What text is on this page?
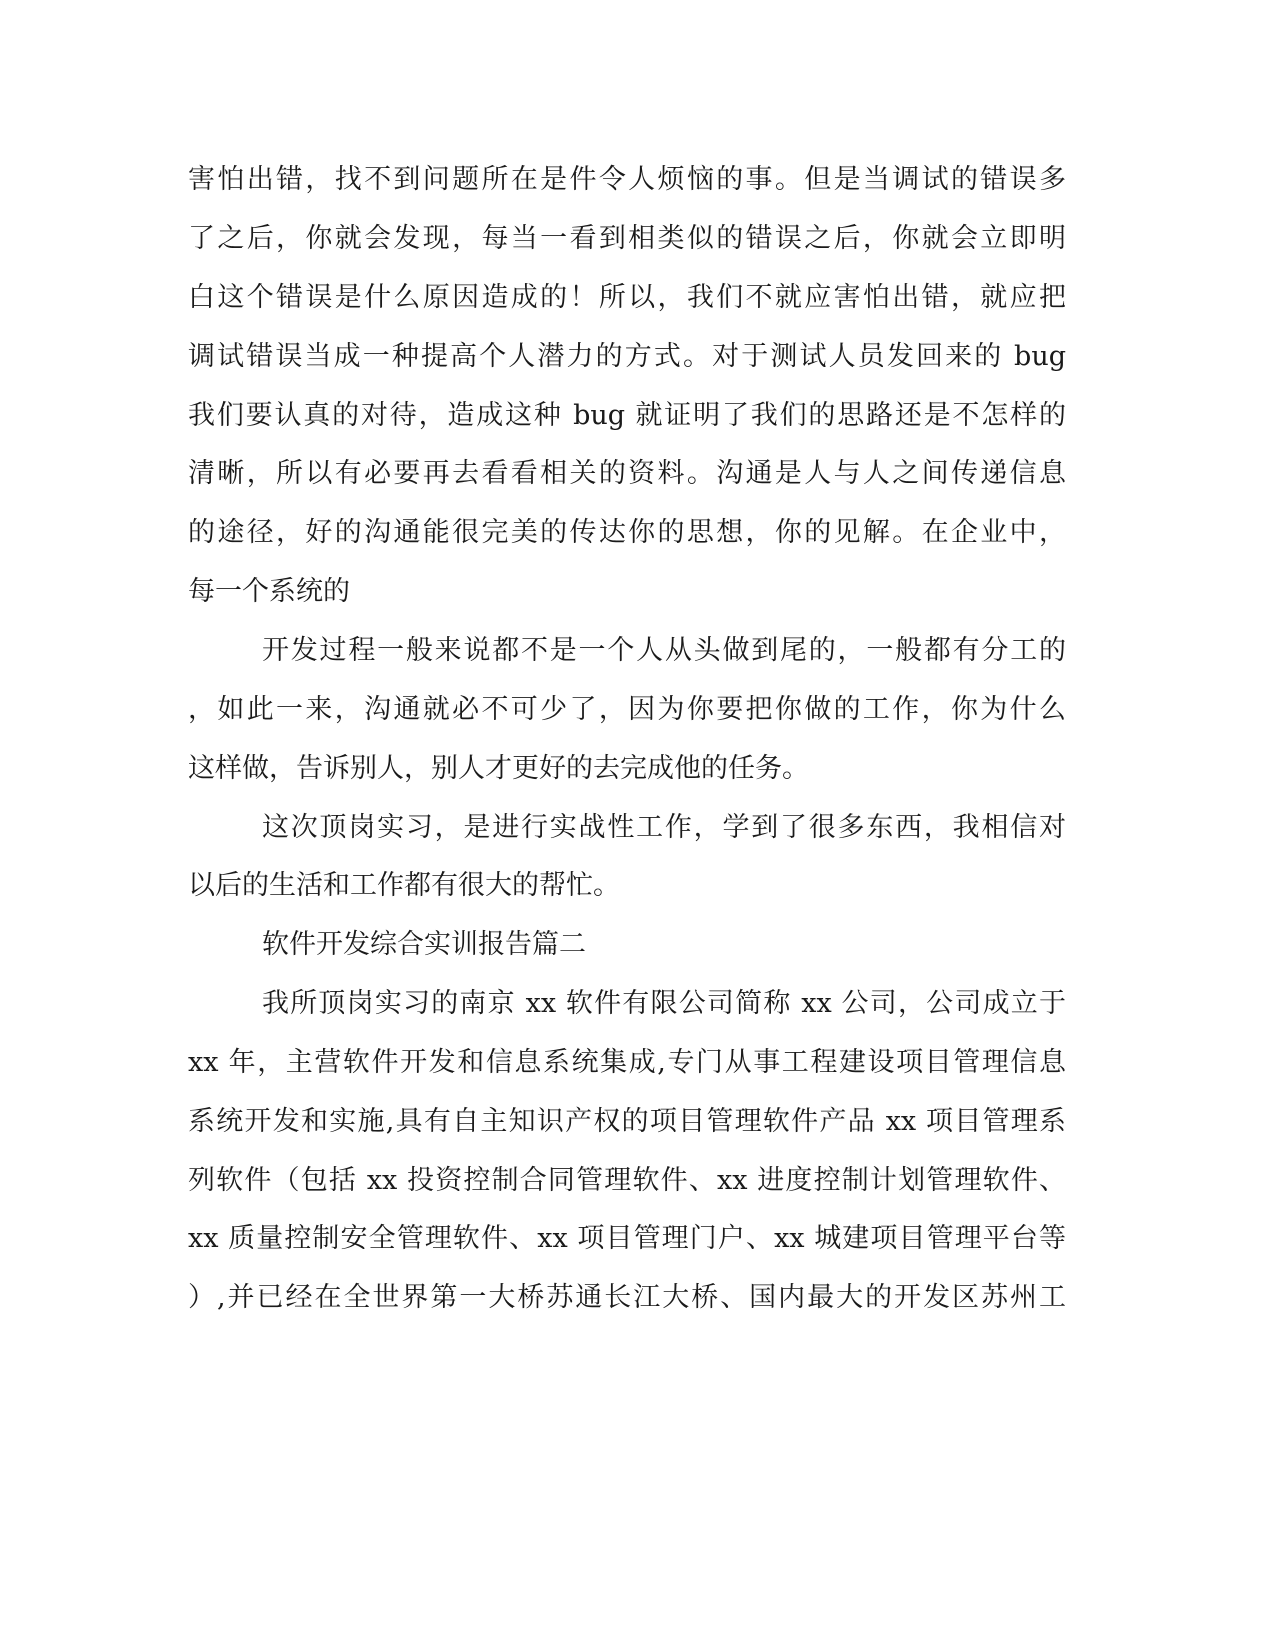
害怕出错，找不到问题所在是件令人烦恼的事。但是当调试的错误多
了之后，你就会发现，每当一看到相类似的错误之后，你就会立即明
白这个错误是什么原因造成的！所以，我们不就应害怕出错，就应把
调试错误当成一种提高个人潜力的方式。对于测试人员发回来的 bug
我们要认真的对待，造成这种 bug 就证明了我们的思路还是不怎样的
清晰，所以有必要再去看看相关的资料。沟通是人与人之间传递信息
的途径，好的沟通能很完美的传达你的思想，你的见解。在企业中，
每一个系统的
开发过程一般来说都不是一个人从头做到尾的，一般都有分工的
，如此一来，沟通就必不可少了，因为你要把你做的工作，你为什么
这样做，告诉别人，别人才更好的去完成他的任务。
这次顶岗实习，是进行实战性工作，学到了很多东西，我相信对
以后的生活和工作都有很大的帮忙。
软件开发综合实训报告篇二
我所顶岗实习的南京 xx 软件有限公司简称 xx 公司，公司成立于
xx 年，主营软件开发和信息系统集成,专门从事工程建设项目管理信息
系统开发和实施,具有自主知识产权的项目管理软件产品 xx 项目管理系
列软件（包括 xx 投资控制合同管理软件、xx 进度控制计划管理软件、
xx 质量控制安全管理软件、xx 项目管理门户、xx 城建项目管理平台等
）,并已经在全世界第一大桥苏通长江大桥、国内最大的开发区苏州工
